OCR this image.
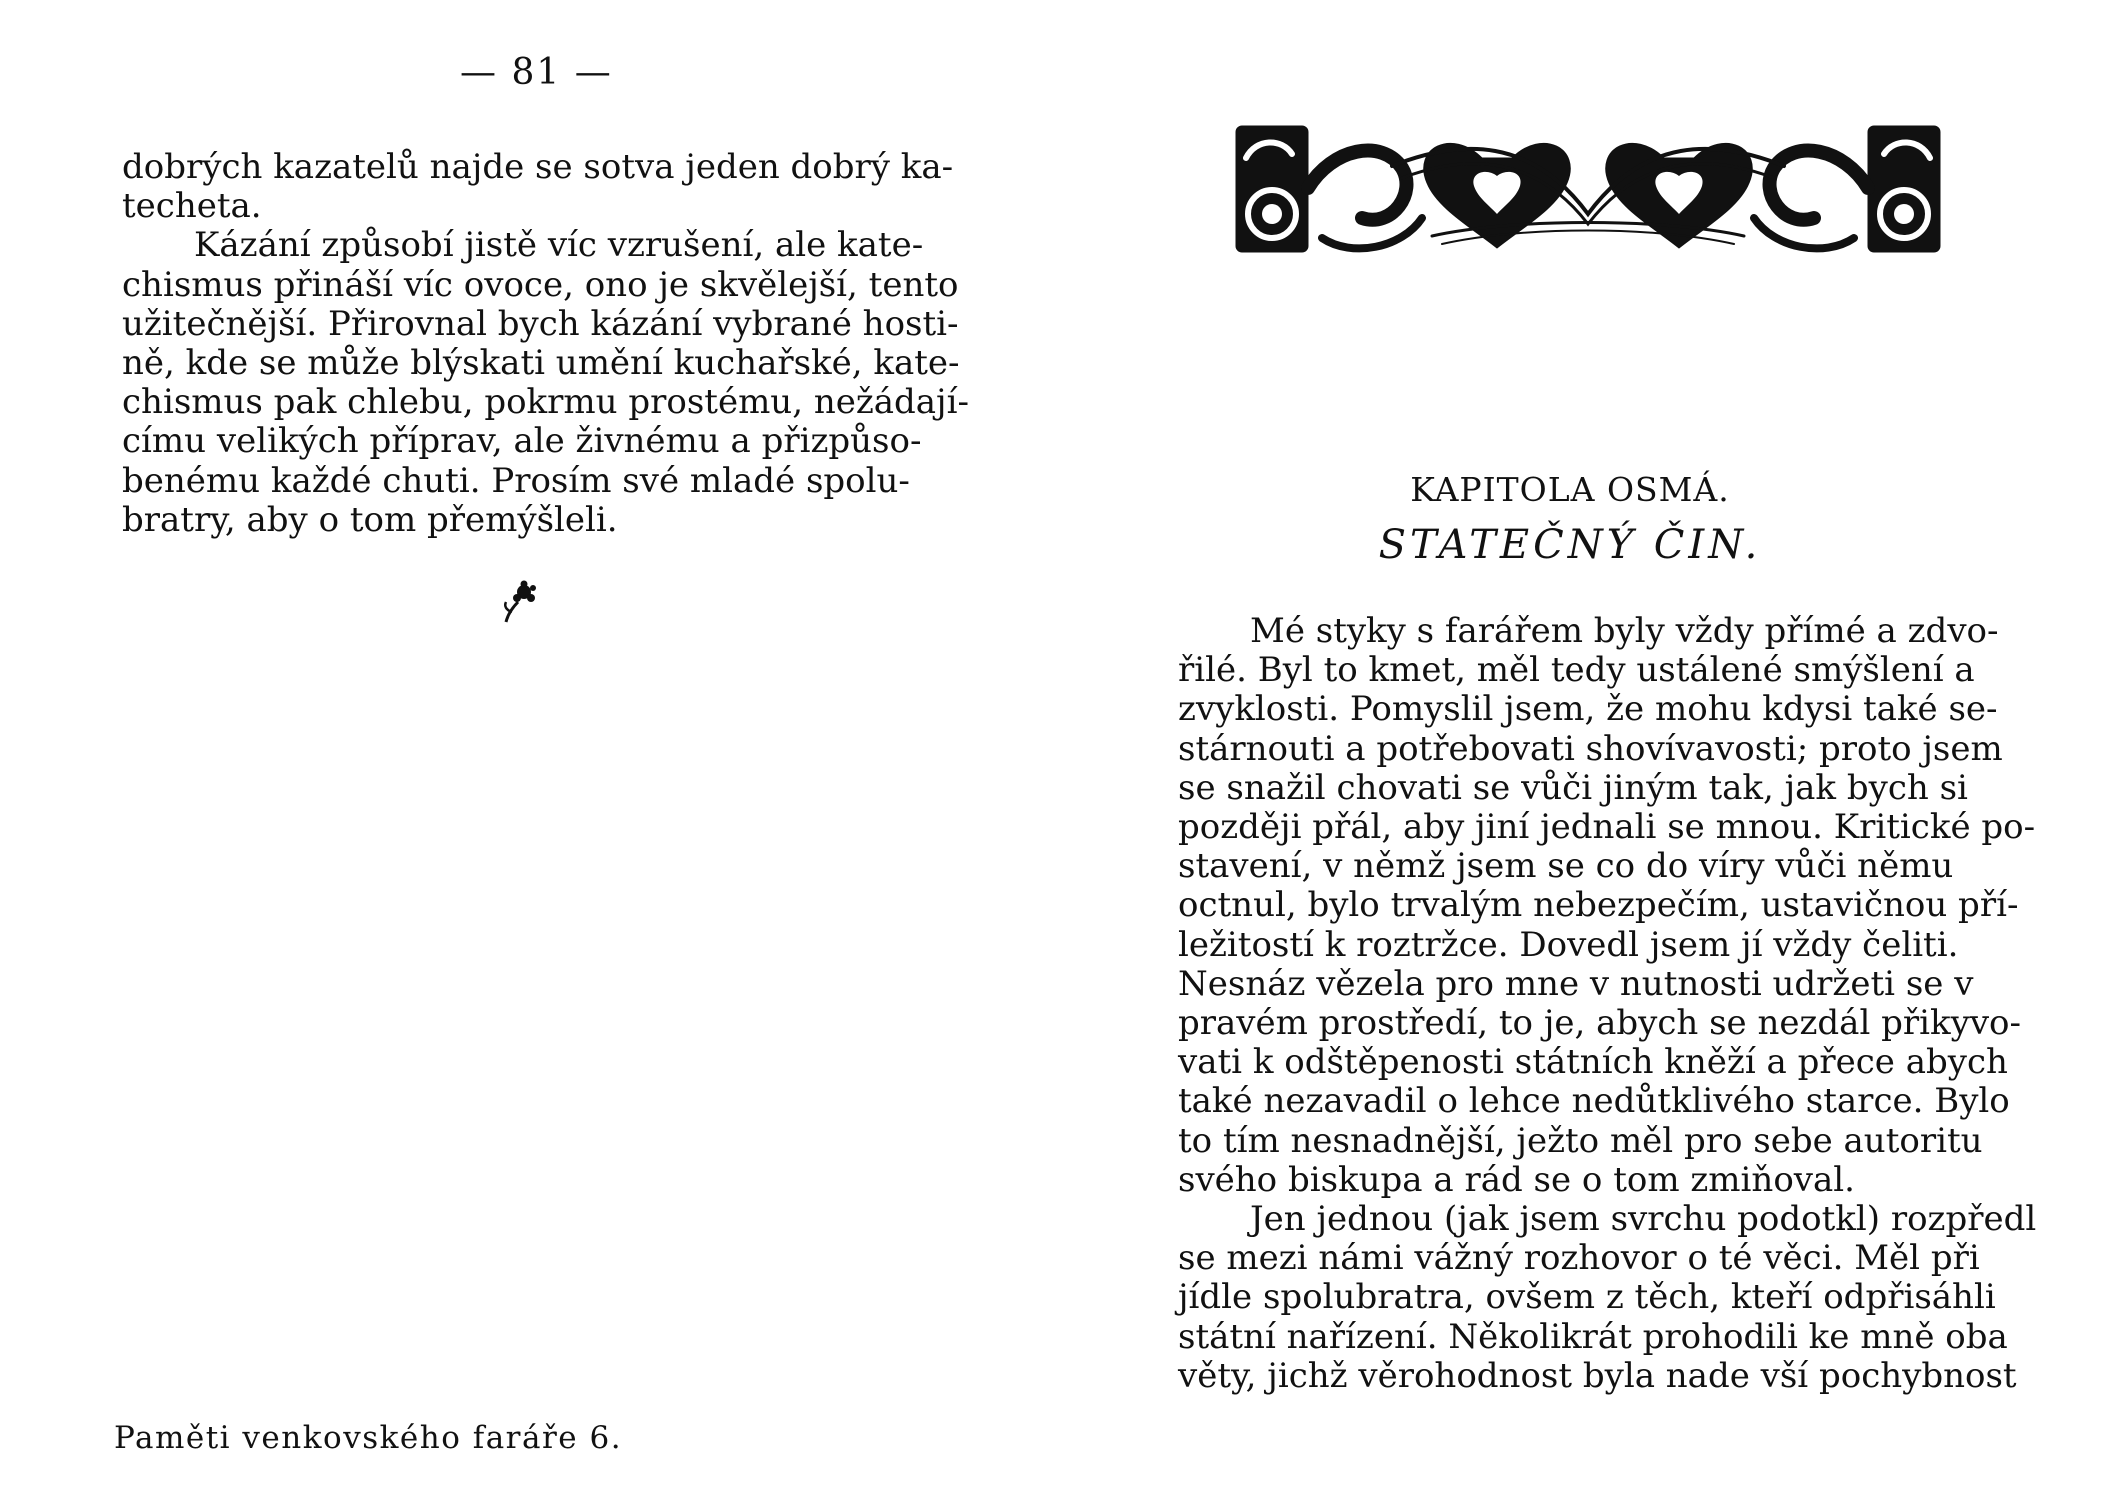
— 81 —

dobrých kazatelů najde se sotva jeden dobrý ka-
techeta.
Kázání způsobí jistě víc vzrušení, ale kate-
chismus přináší víc ovoce, ono je skvělejší, tento
užitečnější. Přirovnal bych kázání vybrané hosti-
ně, kde se může blýskati umění kuchařské, kate-
chismus pak chlebu, pokrmu prostému, nežádají-
címu velikých příprav, ale živnému a přizpůso-
benému každé chuti. Prosím své mladé spolu-
bratry, aby o tom přemýšleli.

Paměti venkovského faráře 6.
KAPITOLA OSMÁ.
STATEČNÝ ČIN.

Mé styky s farářem byly vždy přímé a zdvo-
řilé. Byl to kmet, měl tedy ustálené smýšlení a
zvyklosti. Pomyslil jsem, že mohu kdysi také se-
stárnouti a potřebovati shovívavosti; proto jsem
se snažil chovati se vůči jiným tak, jak bych si
později přál, aby jiní jednali se mnou. Kritické po-
stavení, v němž jsem se co do víry vůči němu
octnul, bylo trvalým nebezpečím, ustavičnou pří-
ležitostí k roztržce. Dovedl jsem jí vždy čeliti.
Nesnáz vězela pro mne v nutnosti udržeti se v
pravém prostředí, to je, abych se nezdál přikyvo-
vati k odštěpenosti státních kněží a přece abych
také nezavadil o lehce nedůtklivého starce. Bylo
to tím nesnadnější, ježto měl pro sebe autoritu
svého biskupa a rád se o tom zmiňoval.
Jen jednou (jak jsem svrchu podotkl) rozpředl
se mezi námi vážný rozhovor o té věci. Měl při
jídle spolubratra, ovšem z těch, kteří odpřisáhli
státní nařízení. Několikrát prohodili ke mně oba
věty, jichž věrohodnost byla nade vší pochybnost
